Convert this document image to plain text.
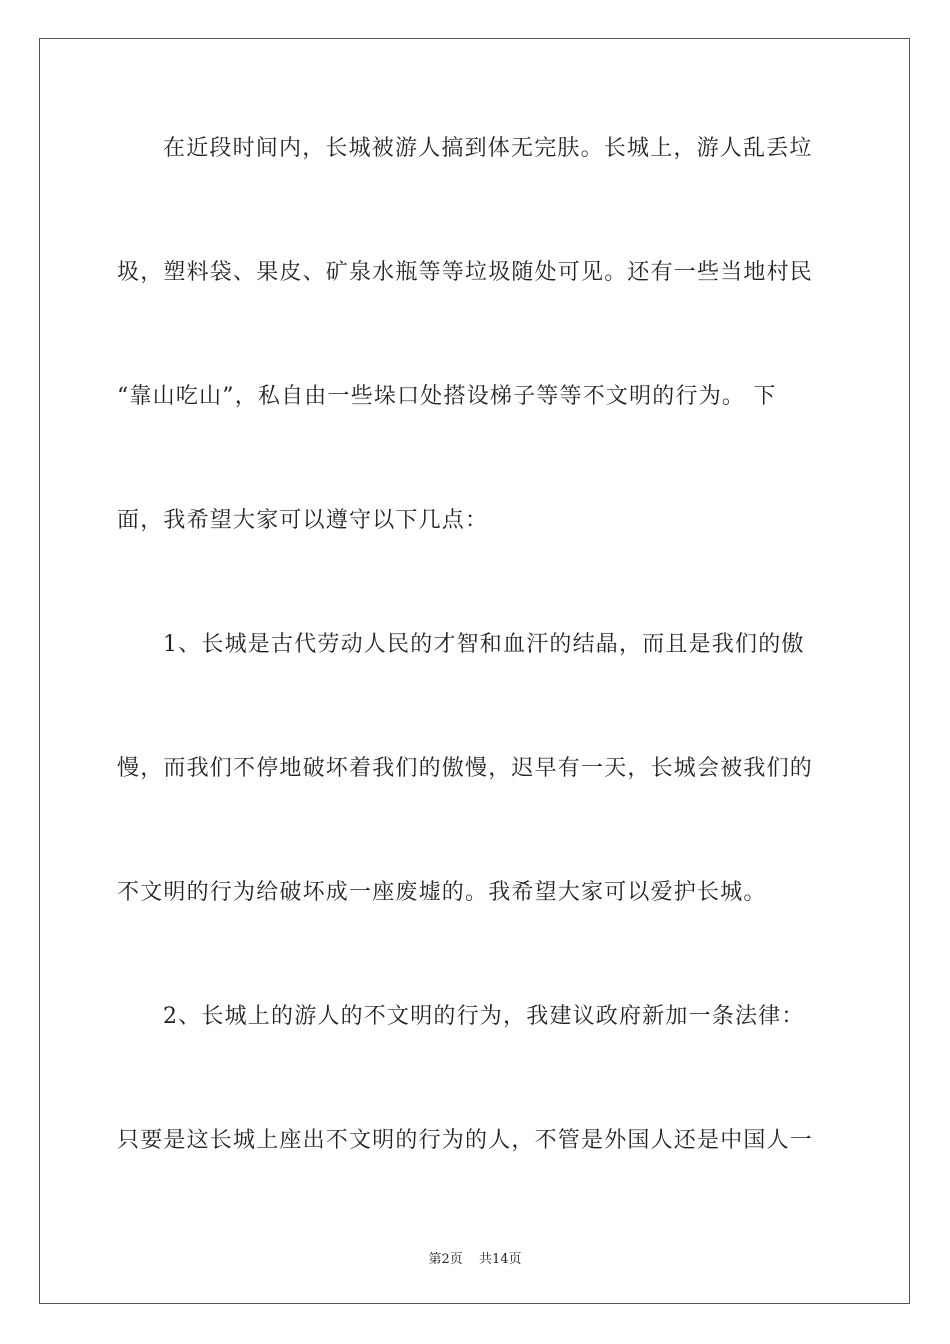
在近段时间内，长城被游人搞到体无完肤。长城上，游人乱丢垃
圾，塑料袋、果皮、矿泉水瓶等等垃圾随处可见。还有一些当地村民
“靠山吃山”，私自由一些垛口处搭设梯子等等不文明的行为。 下
面，我希望大家可以遵守以下几点：
1、长城是古代劳动人民的才智和血汗的结晶，而且是我们的傲
慢，而我们不停地破坏着我们的傲慢，迟早有一天，长城会被我们的
不文明的行为给破坏成一座废墟的。我希望大家可以爱护长城。
2、长城上的游人的不文明的行为，我建议政府新加一条法律：
只要是这长城上座出不文明的行为的人，不管是外国人还是中国人一
第2页 共14页
